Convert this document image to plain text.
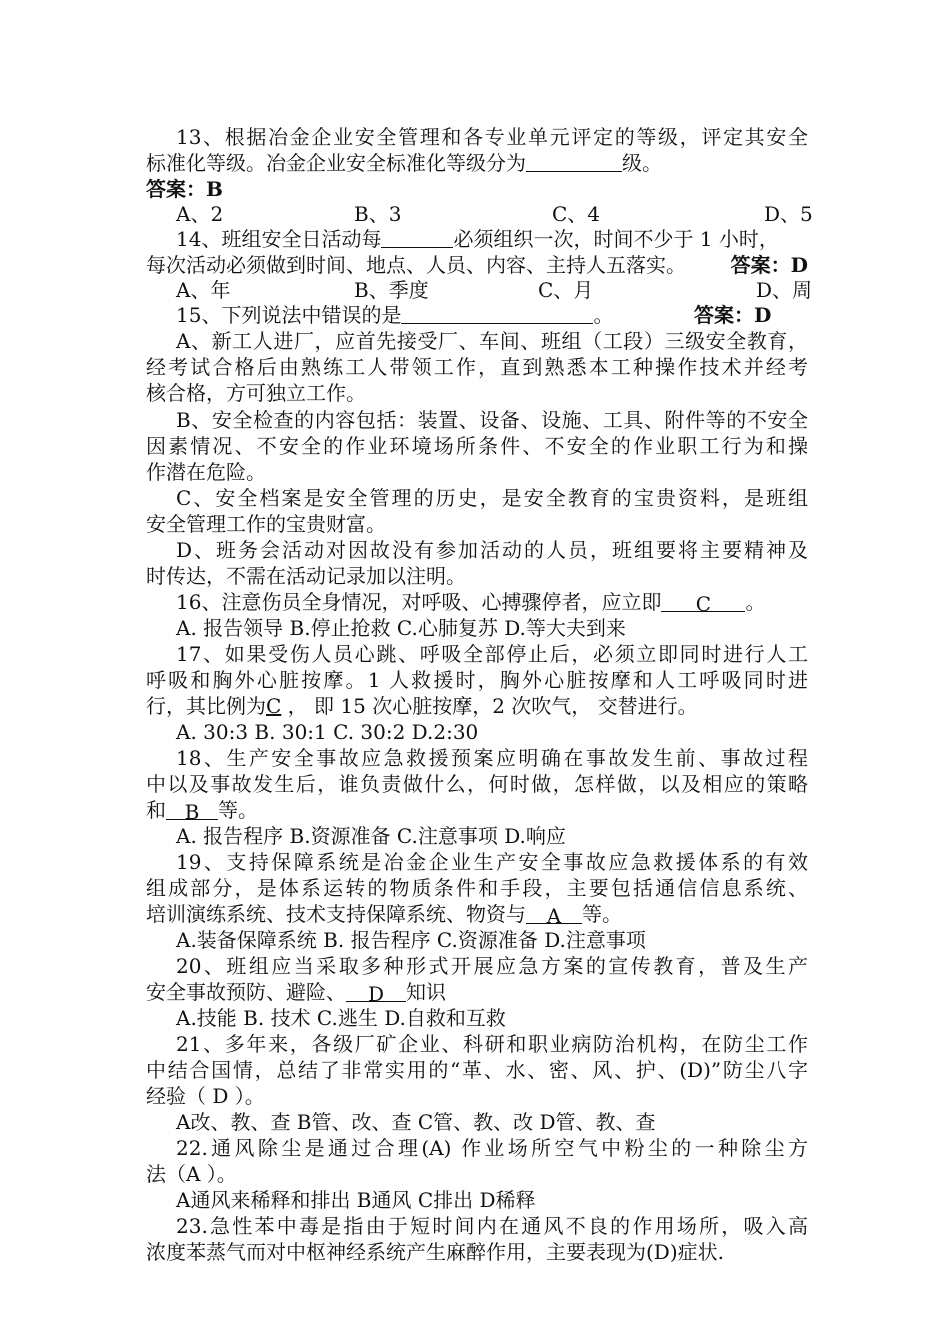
13、根据冶金企业安全管理和各专业单元评定的等级，评定其安全
标准化等级。冶金企业安全标准化等级分为	级。
答案：B
A、2	B、3	C、4	D、5
14、班组安全日活动每	必须组织一次，时间不少于 1 小时，
每次活动必须做到时间、地点、人员、内容、主持人五落实。 答案：D
A、年	B、季度	C、月	D、周
15、下列说法中错误的是	。	答案：D
A、新工人进厂，应首先接受厂、车间、班组（工段）三级安全教育，
经考试合格后由熟练工人带领工作，直到熟悉本工种操作技术并经考
核合格，方可独立工作。
B、安全检查的内容包括：装置、设备、设施、工具、附件等的不安全
因素情况、不安全的作业环境场所条件、不安全的作业职工行为和操
作潜在危险。
C、安全档案是安全管理的历史，是安全教育的宝贵资料，是班组
安全管理工作的宝贵财富。
D、班务会活动对因故没有参加活动的人员，班组要将主要精神及
时传达，不需在活动记录加以注明。
16、注意伤员全身情况，对呼吸、心搏骤停者，应立即 C 。
A. 报告领导 B.停止抢救 C.心肺复苏 D.等大夫到来
17、如果受伤人员心跳、呼吸全部停止后，必须立即同时进行人工
呼吸和胸外心脏按摩。1 人救援时，胸外心脏按摩和人工呼吸同时进
行，其比例为C ， 即 15 次心脏按摩，2 次吹气， 交替进行。
A. 30:3 B. 30:1 C. 30:2 D.2:30
18、生产安全事故应急救援预案应明确在事故发生前、事故过程
中以及事故发生后，谁负责做什么，何时做，怎样做，以及相应的策略
和 B 等。
A. 报告程序 B.资源准备 C.注意事项 D.响应
19、支持保障系统是冶金企业生产安全事故应急救援体系的有效
组成部分，是体系运转的物质条件和手段，主要包括通信信息系统、
培训演练系统、技术支持保障系统、物资与 A 等。
A.装备保障系统 B. 报告程序 C.资源准备 D.注意事项
20、班组应当采取多种形式开展应急方案的宣传教育，普及生产
安全事故预防、避险、 D 知识
A.技能 B. 技术 C.逃生 D.自救和互救
21、多年来，各级厂矿企业、科研和职业病防治机构，在防尘工作
中结合国情，总结了非常实用的“革、水、密、风、护、(D)”防尘八字
经验（ D ）。
A改、教、查 B管、改、查 C管、教、改 D管、教、查
22.通风除尘是通过合理(A) 作业场所空气中粉尘的一种除尘方
法（A ）。
A通风来稀释和排出 B通风 C排出 D稀释
23.急性苯中毒是指由于短时间内在通风不良的作用场所，吸入高
浓度苯蒸气而对中枢神经系统产生麻醉作用，主要表现为(D)症状.
